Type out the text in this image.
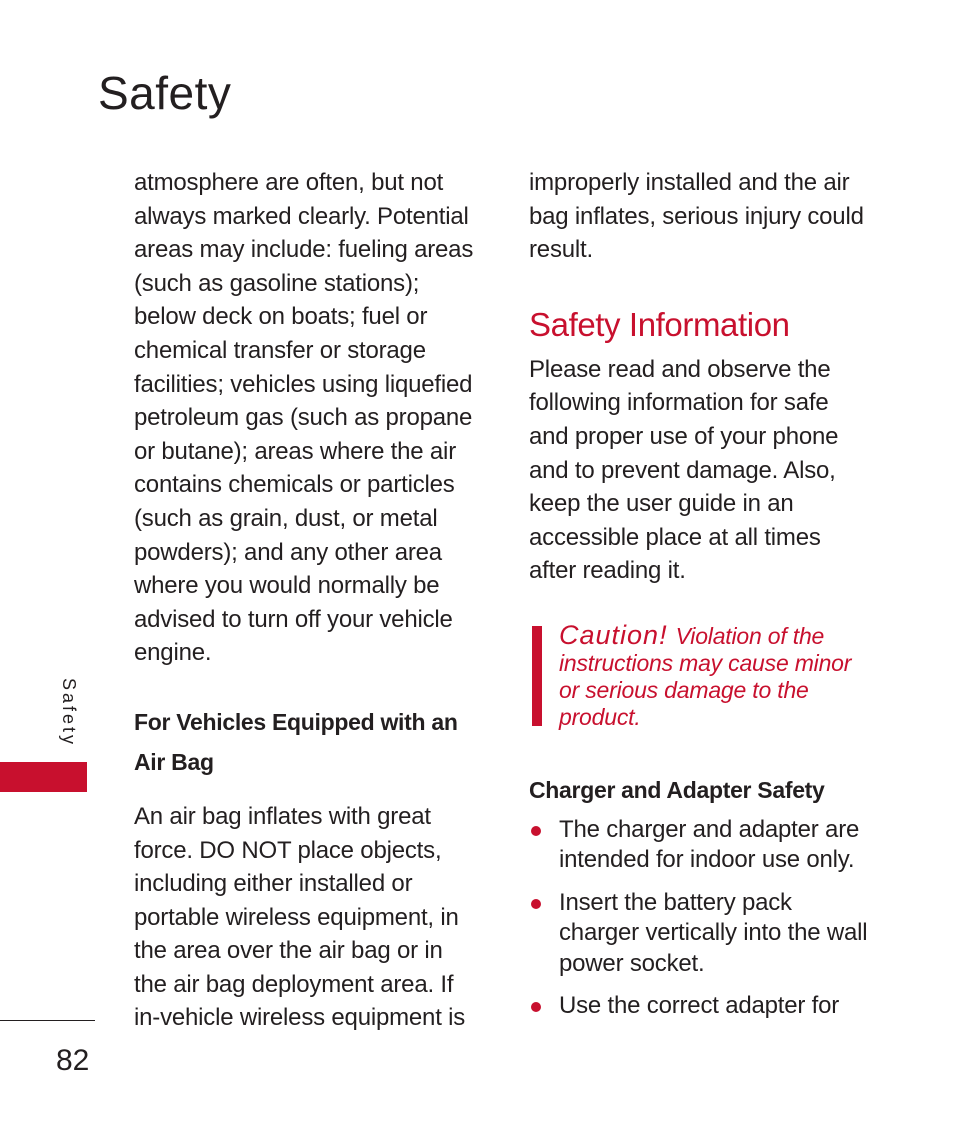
Safety

atmosphere are often, but not always marked clearly. Potential areas may include: fueling areas (such as gasoline stations); below deck on boats; fuel or chemical transfer or storage facilities; vehicles using liquefied petroleum gas (such as propane or butane); areas where the air contains chemicals or particles (such as grain, dust, or metal powders); and any other area where you would normally be advised to turn off your vehicle engine.

For Vehicles Equipped with an Air Bag

An air bag inflates with great force. DO NOT place objects, including either installed or portable wireless equipment, in the area over the air bag or in the air bag deployment area. If in-vehicle wireless equipment is

improperly installed and the air bag inflates, serious injury could result.

Safety Information

Please read and observe the following information for safe and proper use of your phone and to prevent damage. Also, keep the user guide in an accessible place at all times after reading it.

Caution! Violation of the instructions may cause minor or serious damage to the product.
Charger and Adapter Safety
The charger and adapter are intended for indoor use only.
Insert the battery pack charger vertically into the wall power socket.
Use the correct adapter for
Safety
82
